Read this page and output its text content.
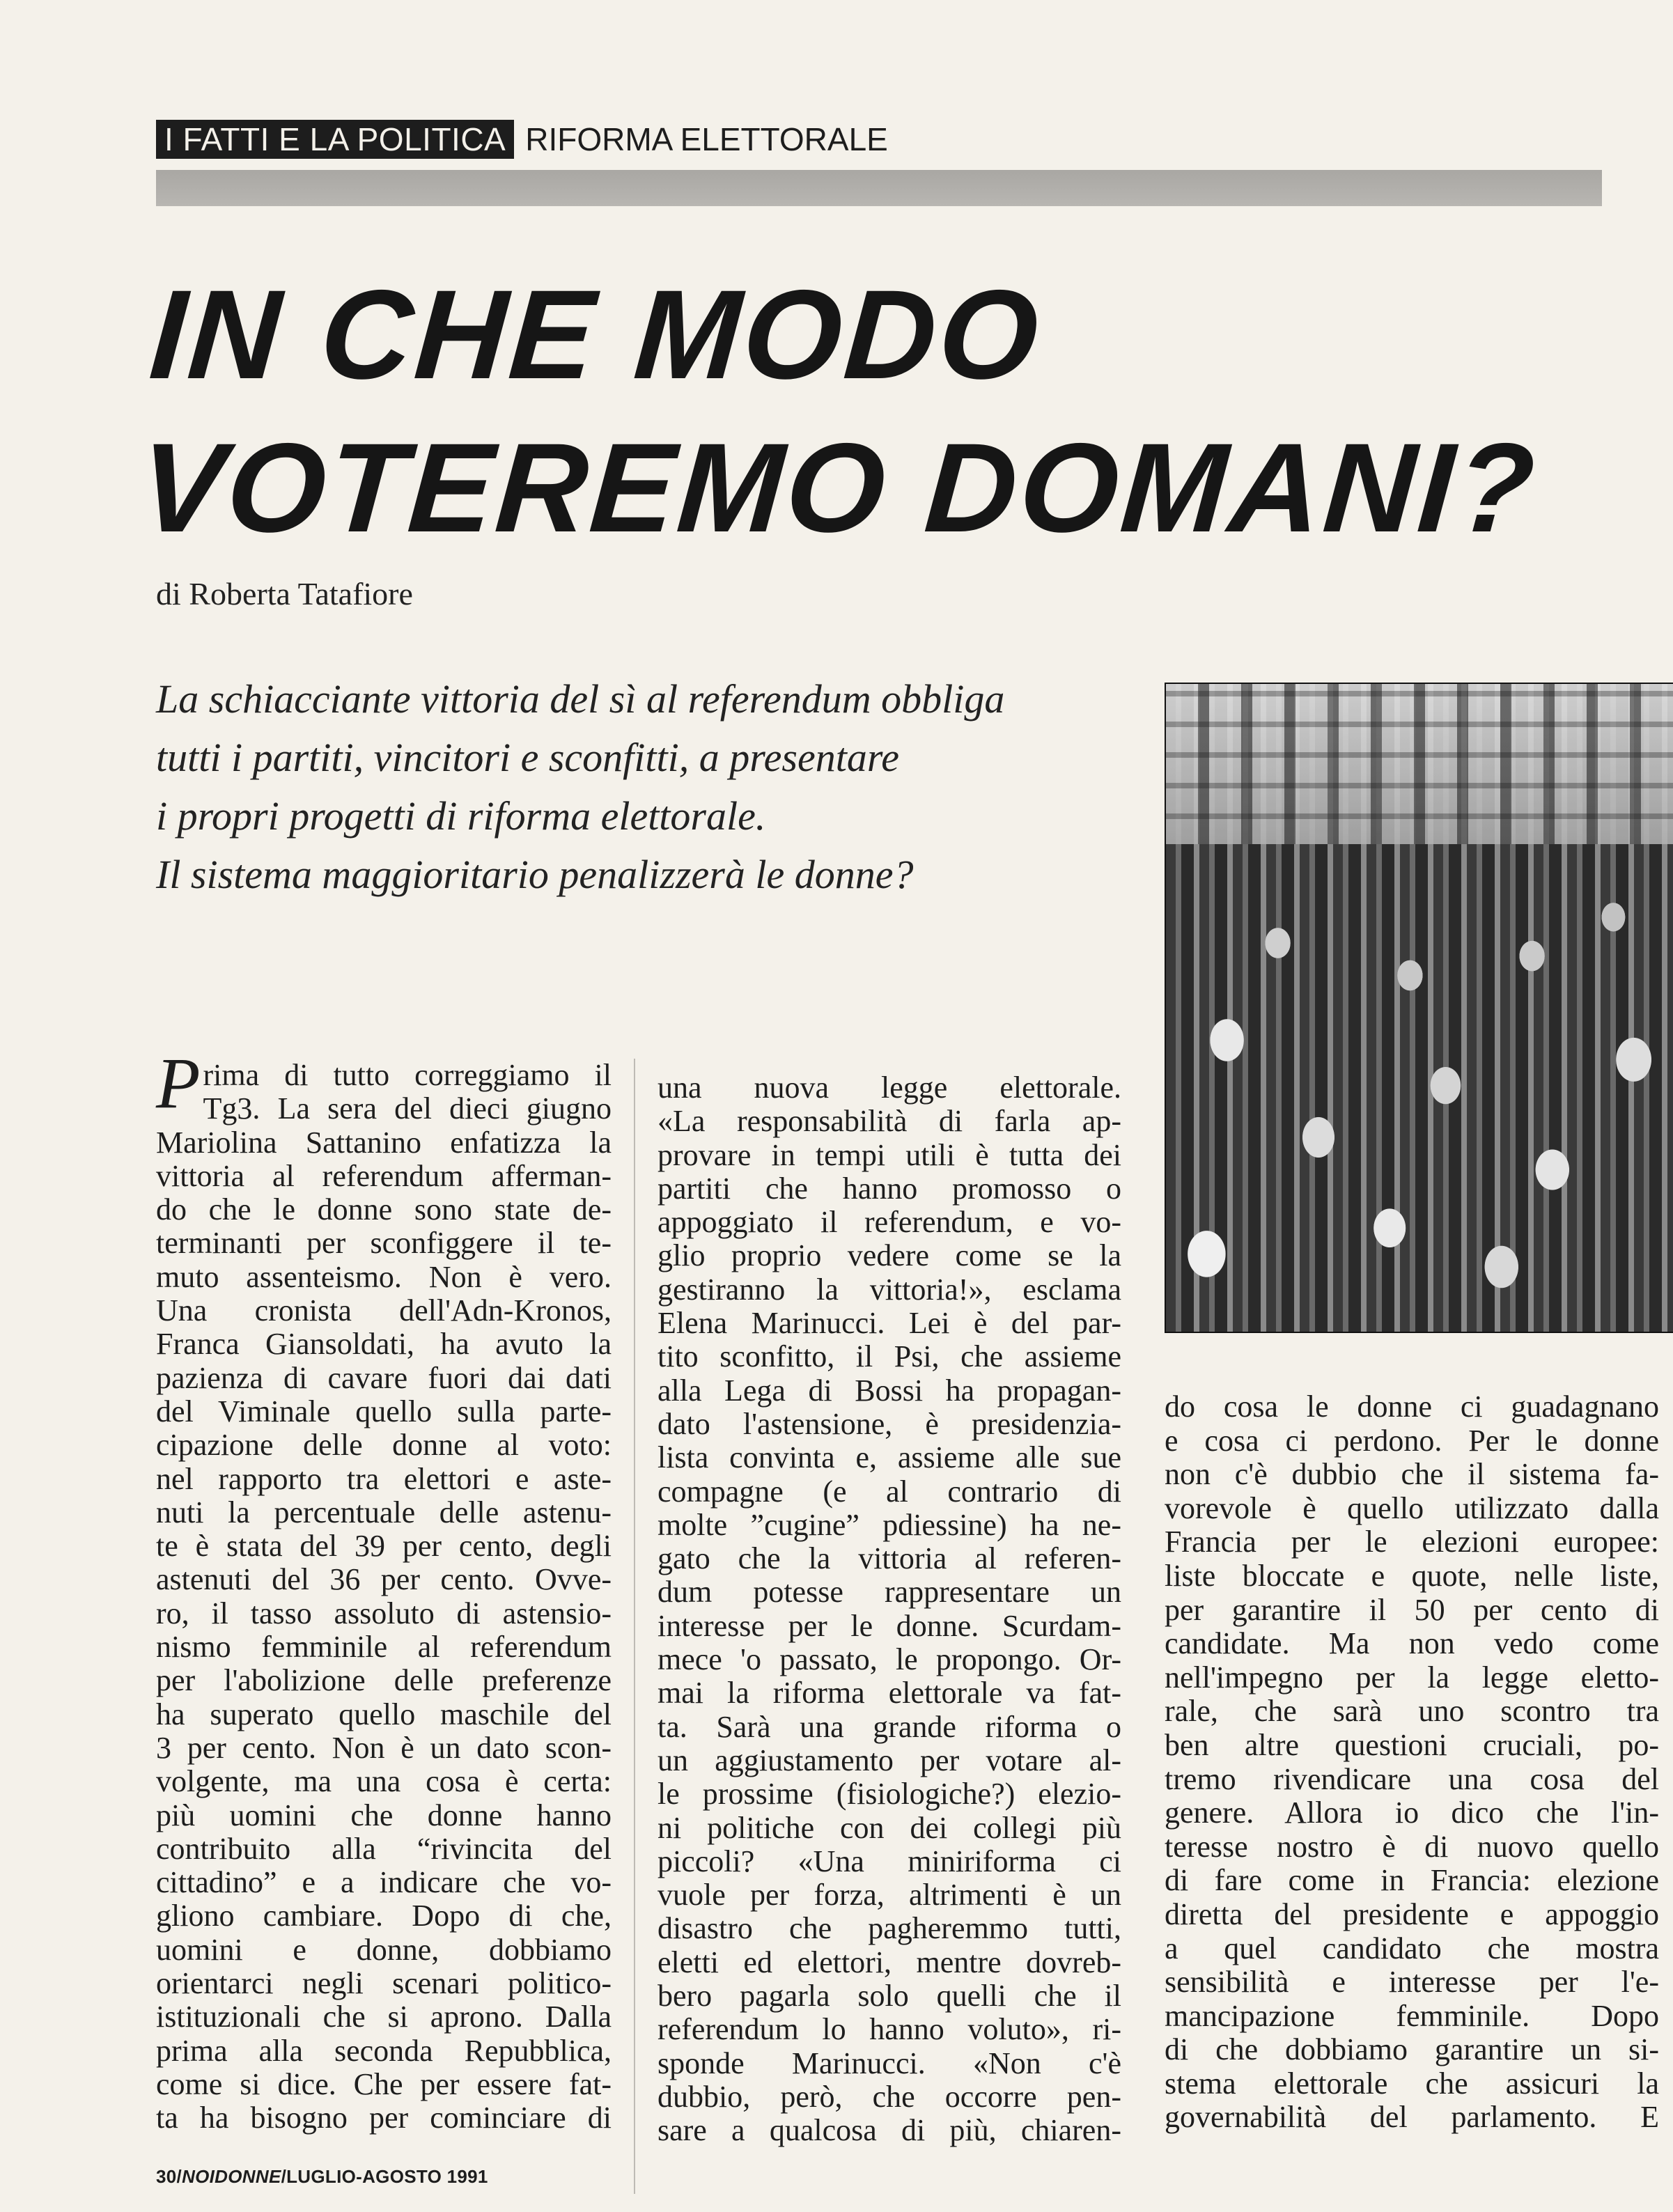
I FATTI E LA POLITICA RIFORMA ELETTORALE
IN CHE MODO
VOTEREMO DOMANI?
di Roberta Tatafiore
La schiacciante vittoria del sì al referendum obbliga
tutti i partiti, vincitori e sconfitti, a presentare
i propri progetti di riforma elettorale.
Il sistema maggioritario penalizzerà le donne?
Prima di tutto correggiamo il
Tg3. La sera del dieci giugno
Mariolina Sattanino enfatizza la
vittoria al referendum afferman-
do che le donne sono state de-
terminanti per sconfiggere il te-
muto assenteismo. Non è vero.
Una cronista dell'Adn-Kronos,
Franca Giansoldati, ha avuto la
pazienza di cavare fuori dai dati
del Viminale quello sulla parte-
cipazione delle donne al voto:
nel rapporto tra elettori e aste-
nuti la percentuale delle astenu-
te è stata del 39 per cento, degli
astenuti del 36 per cento. Ovve-
ro, il tasso assoluto di astensio-
nismo femminile al referendum
per l'abolizione delle preferenze
ha superato quello maschile del
3 per cento. Non è un dato scon-
volgente, ma una cosa è certa:
più uomini che donne hanno
contribuito alla “rivincita del
cittadino” e a indicare che vo-
gliono cambiare. Dopo di che,
uomini e donne, dobbiamo
orientarci negli scenari politico-
istituzionali che si aprono. Dalla
prima alla seconda Repubblica,
come si dice. Che per essere fat-
ta ha bisogno per cominciare di
una nuova legge elettorale.
«La responsabilità di farla ap-
provare in tempi utili è tutta dei
partiti che hanno promosso o
appoggiato il referendum, e vo-
glio proprio vedere come se la
gestiranno la vittoria!», esclama
Elena Marinucci. Lei è del par-
tito sconfitto, il Psi, che assieme
alla Lega di Bossi ha propagan-
dato l'astensione, è presidenzia-
lista convinta e, assieme alle sue
compagne (e al contrario di
molte ”cugine” pdiessine) ha ne-
gato che la vittoria al referen-
dum potesse rappresentare un
interesse per le donne. Scurdam-
mece 'o passato, le propongo. Or-
mai la riforma elettorale va fat-
ta. Sarà una grande riforma o
un aggiustamento per votare al-
le prossime (fisiologiche?) elezio-
ni politiche con dei collegi più
piccoli? «Una miniriforma ci
vuole per forza, altrimenti è un
disastro che pagheremmo tutti,
eletti ed elettori, mentre dovreb-
bero pagarla solo quelli che il
referendum lo hanno voluto», ri-
sponde Marinucci. «Non c'è
dubbio, però, che occorre pen-
sare a qualcosa di più, chiaren-
do cosa le donne ci guadagnano
e cosa ci perdono. Per le donne
non c'è dubbio che il sistema fa-
vorevole è quello utilizzato dalla
Francia per le elezioni europee:
liste bloccate e quote, nelle liste,
per garantire il 50 per cento di
candidate. Ma non vedo come
nell'impegno per la legge eletto-
rale, che sarà uno scontro tra
ben altre questioni cruciali, po-
tremo rivendicare una cosa del
genere. Allora io dico che l'in-
teresse nostro è di nuovo quello
di fare come in Francia: elezione
diretta del presidente e appoggio
a quel candidato che mostra
sensibilità e interesse per l'e-
mancipazione femminile. Dopo
di che dobbiamo garantire un si-
stema elettorale che assicuri la
governabilità del parlamento. E
30/NOIDONNE/LUGLIO-AGOSTO 1991
